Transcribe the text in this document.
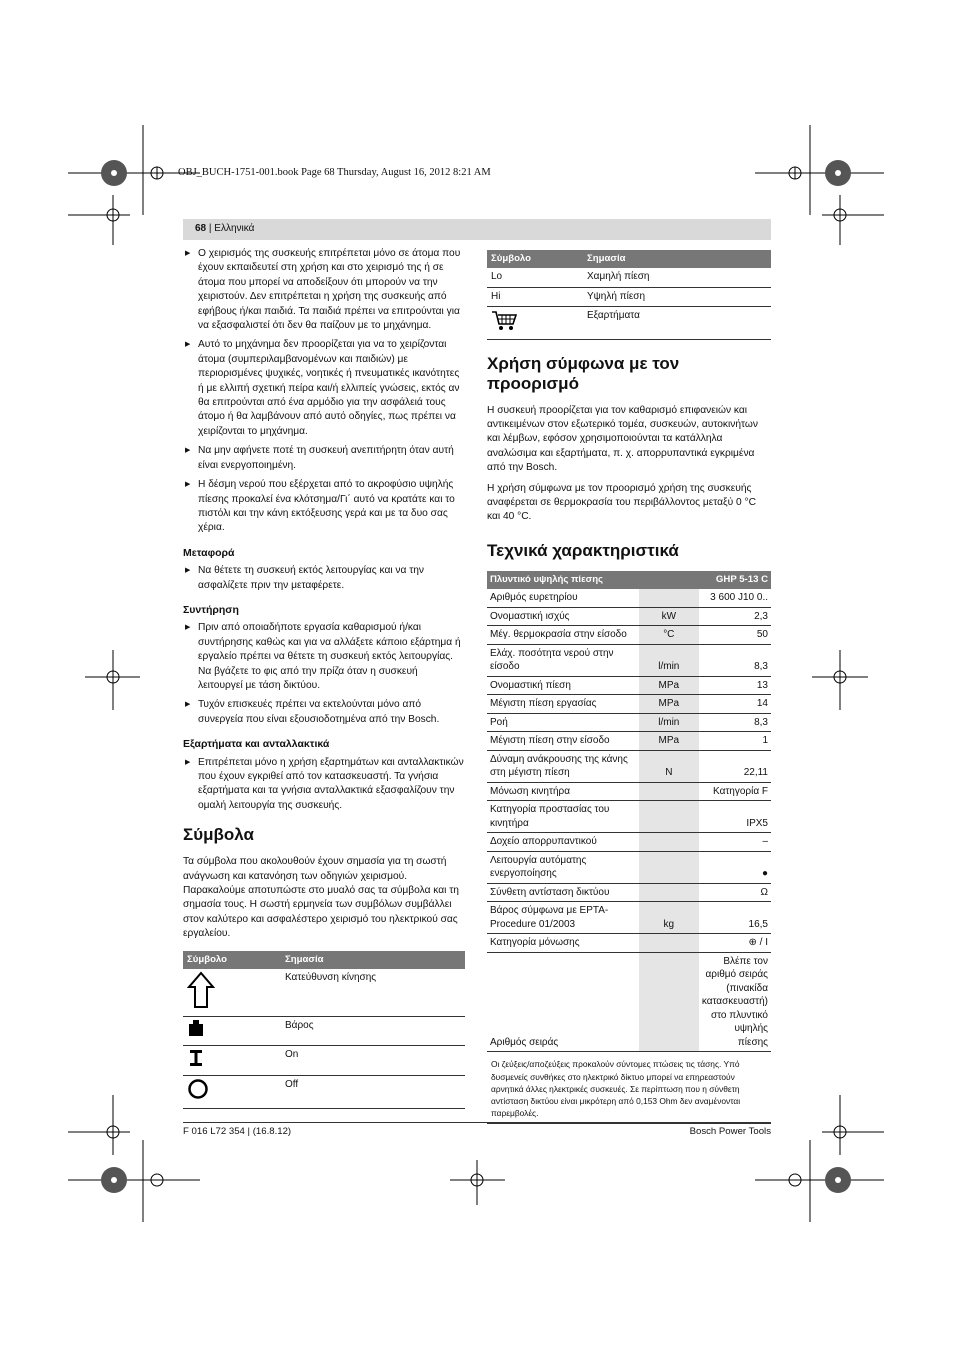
OBJ_BUCH-1751-001.book Page 68 Thursday, August 16, 2012 8:21 AM
68 | Ελληνικά
▶ Ο χειρισμός της συσκευής επιτρέπεται μόνο σε άτομα που έχουν εκπαιδευτεί στη χρήση και στο χειρισμό της ή σε άτομα που μπορεί να αποδείξουν ότι μπορούν να την χειριστούν. Δεν επιτρέπεται η χρήση της συσκευής από εφήβους ή/και παιδιά. Τα παιδιά πρέπει να επιτρούνται για να εξασφαλιστεί ότι δεν θα παίζουν με το μηχάνημα.
▶ Αυτό το μηχάνημα δεν προορίζεται για να το χειρίζονται άτομα (συμπεριλαμβανομένων και παιδιών) με περιορισμένες ψυχικές, νοητικές ή πνευματικές ικανότητες ή με ελλιπή σχετική πείρα και/ή ελλιπείς γνώσεις, εκτός αν θα επιτρούνται από ένα αρμόδιο για την ασφάλειά τους άτομο ή θα λαμβάνουν από αυτό οδηγίες, πως πρέπει να χειρίζονται το μηχάνημα.
▶ Να μην αφήνετε ποτέ τη συσκευή ανεπιτήρητη όταν αυτή είναι ενεργοποιημένη.
▶ Η δέσμη νερού που εξέρχεται από το ακροφύσιο υψηλής πίεσης προκαλεί ένα κλότσημα/Γι΄ αυτό να κρατάτε και το πιστόλι και την κάνη εκτόξευσης γερά και με τα δυο σας χέρια.
Μεταφορά
▶ Να θέτετε τη συσκευή εκτός λειτουργίας και να την ασφαλίζετε πριν την μεταφέρετε.
Συντήρηση
▶ Πριν από οποιαδήποτε εργασία καθαρισμού ή/και συντήρησης καθώς και για να αλλάξετε κάποιο εξάρτημα ή εργαλείο πρέπει να θέτετε τη συσκευή εκτός λειτουργίας. Να βγάζετε το φις από την πρίζα όταν η συσκευή λειτουργεί με τάση δικτύου.
▶ Τυχόν επισκευές πρέπει να εκτελούνται μόνο από συνεργεία που είναι εξουσιοδοτημένα από την Bosch.
Εξαρτήματα και ανταλλακτικά
▶ Επιτρέπεται μόνο η χρήση εξαρτημάτων και ανταλλακτικών που έχουν εγκριθεί από τον κατασκευαστή. Τα γνήσια εξαρτήματα και τα γνήσια ανταλλακτικά εξασφαλίζουν την ομαλή λειτουργία της συσκευής.
Σύμβολα
Τα σύμβολα που ακολουθούν έχουν σημασία για τη σωστή ανάγνωση και κατανόηση των οδηγιών χειρισμού. Παρακαλούμε αποτυπώστε στο μυαλό σας τα σύμβολα και τη σημασία τους. Η σωστή ερμηνεία των συμβόλων συμβάλλει στον καλύτερο και ασφαλέστερο χειρισμό του ηλεκτρικού σας εργαλείου.
Σύμβολο	Σημασία
	Κατεύθυνση κίνησης
	Βάρος
	On
	Off
Σύμβολο	Σημασία
Lo	Χαμηλή πίεση
Hi	Υψηλή πίεση
	Εξαρτήματα
Χρήση σύμφωνα με τον προορισμό
Η συσκευή προορίζεται για τον καθαρισμό επιφανειών και αντικειμένων στον εξωτερικό τομέα, συσκευών, αυτοκινήτων και λέμβων, εφόσον χρησιμοποιούνται τα κατάλληλα αναλώσιμα και εξαρτήματα, π. χ. απορρυπαντικά εγκριμένα από την Bosch.
Η χρήση σύμφωνα με τον προορισμό χρήση της συσκευής αναφέρεται σε θερμοκρασία του περιβάλλοντος μεταξύ 0 °C και 40 °C.
Τεχνικά χαρακτηριστικά
Πλυντικό υψηλής πίεσης		GHP 5-13 C
Αριθμός ευρετηρίου		3 600 J10 0..
Ονομαστική ισχύς	kW	2,3
Μέγ. θερμοκρασία στην είσοδο	°C	50
Ελάχ. ποσότητα νερού στην είσοδο	l/min	8,3
Ονομαστική πίεση	MPa	13
Μέγιστη πίεση εργασίας	MPa	14
Ροή	l/min	8,3
Μέγιστη πίεση στην είσοδο	MPa	1
Δύναμη ανάκρουσης της κάνης στη μέγιστη πίεση	N	22,11
Μόνωση κινητήρα		Κατηγορία F
Κατηγορία προστασίας του κινητήρα		IPX5
Δοχείο απορρυπαντικού		–
Λειτουργία αυτόματης ενεργοποίησης		●
Σύνθετη αντίσταση δικτύου		Ω
Βάρος σύμφωνα με EPTA-Procedure 01/2003	kg	16,5
Κατηγορία μόνωσης		⊕ / I
Αριθμός σειράς		Βλέπε τον αριθμό σειράς (πινακίδα κατασκευαστή) στο πλυντικό υψηλής πίεσης
Οι ζεύξεις/αποζεύξεις προκαλούν σύντομες πτώσεις τις τάσης. Υπό δυσμενείς συνθήκες στο ηλεκτρικό δίκτυο μπορεί να επηρεαστούν αρνητικά άλλες ηλεκτρικές συσκευές. Σε περίπτωση που η σύνθετη αντίσταση δικτύου είναι μικρότερη από 0,153 Ohm δεν αναμένονται παρεμβολές.
F 016 L72 354 | (16.8.12)	Bosch Power Tools
